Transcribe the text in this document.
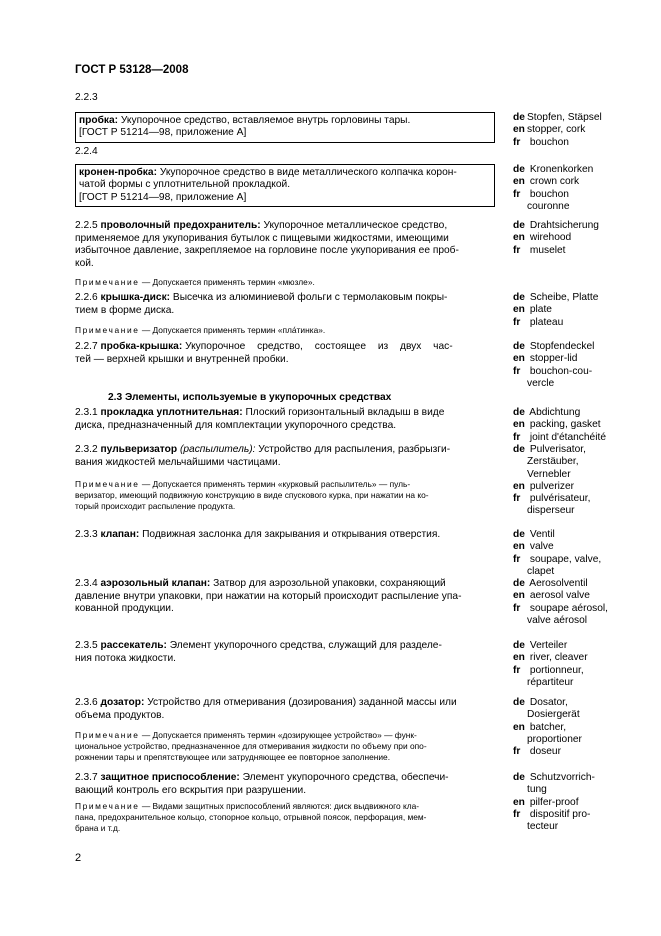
ГОСТ Р 53128—2008
2.2.3
пробка: Укупорочное средство, вставляемое внутрь горловины тары.
[ГОСТ Р 51214—98, приложение А]
de Stopfen, Stäpsel
en stopper, cork
fr bouchon
2.2.4
кронен-пробка: Укупорочное средство в виде металлического колпачка корон-
чатой формы с уплотнительной прокладкой.
[ГОСТ Р 51214—98, приложение А]
de Kronenkorken
en crown cork
fr bouchon
couronne
2.2.5 проволочный предохранитель: Укупорочное металлическое средство,
применяемое для укупоривания бутылок с пищевыми жидкостями, имеющими
избыточное давление, закрепляемое на горловине после укупоривания ее проб-
кой.
Примечание — Допускается применять термин «мюзле».
de Drahtsicherung
en wirehood
fr muselet
2.2.6 крышка-диск: Высечка из алюминиевой фольги с термолаковым покры-
тием в форме диска.
Примечание — Допускается применять термин «пла́тинка».
de Scheibe, Platte
en plate
fr plateau
2.2.7 пробка-крышка: Укупорочное средство, состоящее из двух час-
тей — верхней крышки и внутренней пробки.
de Stopfendeckel
en stopper-lid
fr bouchon-cou-
vercle
2.3 Элементы, используемые в укупорочных средствах
2.3.1 прокладка уплотнительная: Плоский горизонтальный вкладыш в виде
диска, предназначенный для комплектации укупорочного средства.
de Abdichtung
en packing, gasket
fr joint d'étanchéité
2.3.2 пульверизатор (распылитель): Устройство для распыления, разбрызги-
вания жидкостей мельчайшими частицами.
Примечание — Допускается применять термин «курковый распылитель» — пуль-
веризатор, имеющий подвижную конструкцию в виде спускового курка, при нажатии на ко-
торый происходит распыление продукта.
de Pulverisator,
Zerstäuber,
Vernebler
en pulverizer
fr pulvérisateur,
disperseur
2.3.3 клапан: Подвижная заслонка для закрывания и открывания отверстия.	de Ventil
en valve
fr soupape, valve,
clapet
2.3.4 аэрозольный клапан: Затвор для аэрозольной упаковки, сохраняющий
давление внутри упаковки, при нажатии на который происходит распыление упа-
кованной продукции.
de Aerosolventil
en aerosol valve
fr soupape aérosol,
valve aérosol
2.3.5 рассекатель: Элемент укупорочного средства, служащий для разделе-
ния потока жидкости.
de Verteiler
en river, cleaver
fr portionneur,
répartiteur
2.3.6 дозатор: Устройство для отмеривания (дозирования) заданной массы или
объема продуктов.
Примечание — Допускается применять термин «дозирующее устройство» — функ-
циональное устройство, предназначенное для отмеривания жидкости по объему при опо-
рожнении тары и препятствующее или затрудняющее ее повторное заполнение.
de Dosator,
Dosiergerät
en batcher,
proportioner
fr doseur
2.3.7 защитное приспособление: Элемент укупорочного средства, обеспечи-
вающий контроль его вскрытия при разрушении.
Примечание — Видами защитных приспособлений являются: диск выдвижного кла-
пана, предохранительное кольцо, стопорное кольцо, отрывной поясок, перфорация, мем-
брана и т.д.
de Schutzvorrich-
tung
en pilfer-proof
fr dispositif pro-
tecteur
2
